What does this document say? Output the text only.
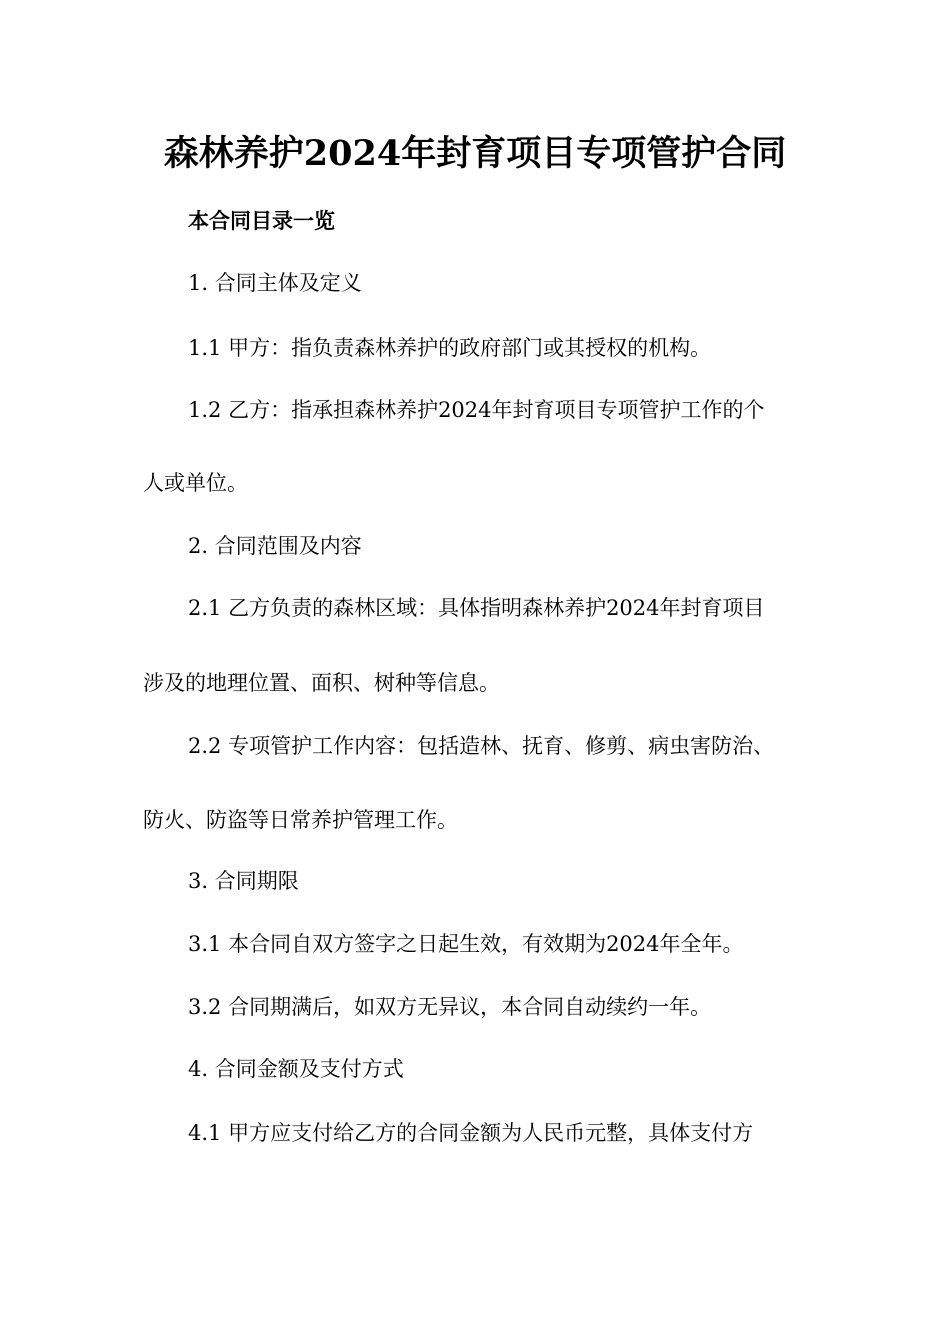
森林养护2024年封育项目专项管护合同
本合同目录一览
1. 合同主体及定义
1.1 甲方：指负责森林养护的政府部门或其授权的机构。
1.2 乙方：指承担森林养护2024年封育项目专项管护工作的个
人或单位。
2. 合同范围及内容
2.1 乙方负责的森林区域：具体指明森林养护2024年封育项目
涉及的地理位置、面积、树种等信息。
2.2 专项管护工作内容：包括造林、抚育、修剪、病虫害防治、
防火、防盗等日常养护管理工作。
3. 合同期限
3.1 本合同自双方签字之日起生效，有效期为2024年全年。
3.2 合同期满后，如双方无异议，本合同自动续约一年。
4. 合同金额及支付方式
4.1 甲方应支付给乙方的合同金额为人民币元整，具体支付方
